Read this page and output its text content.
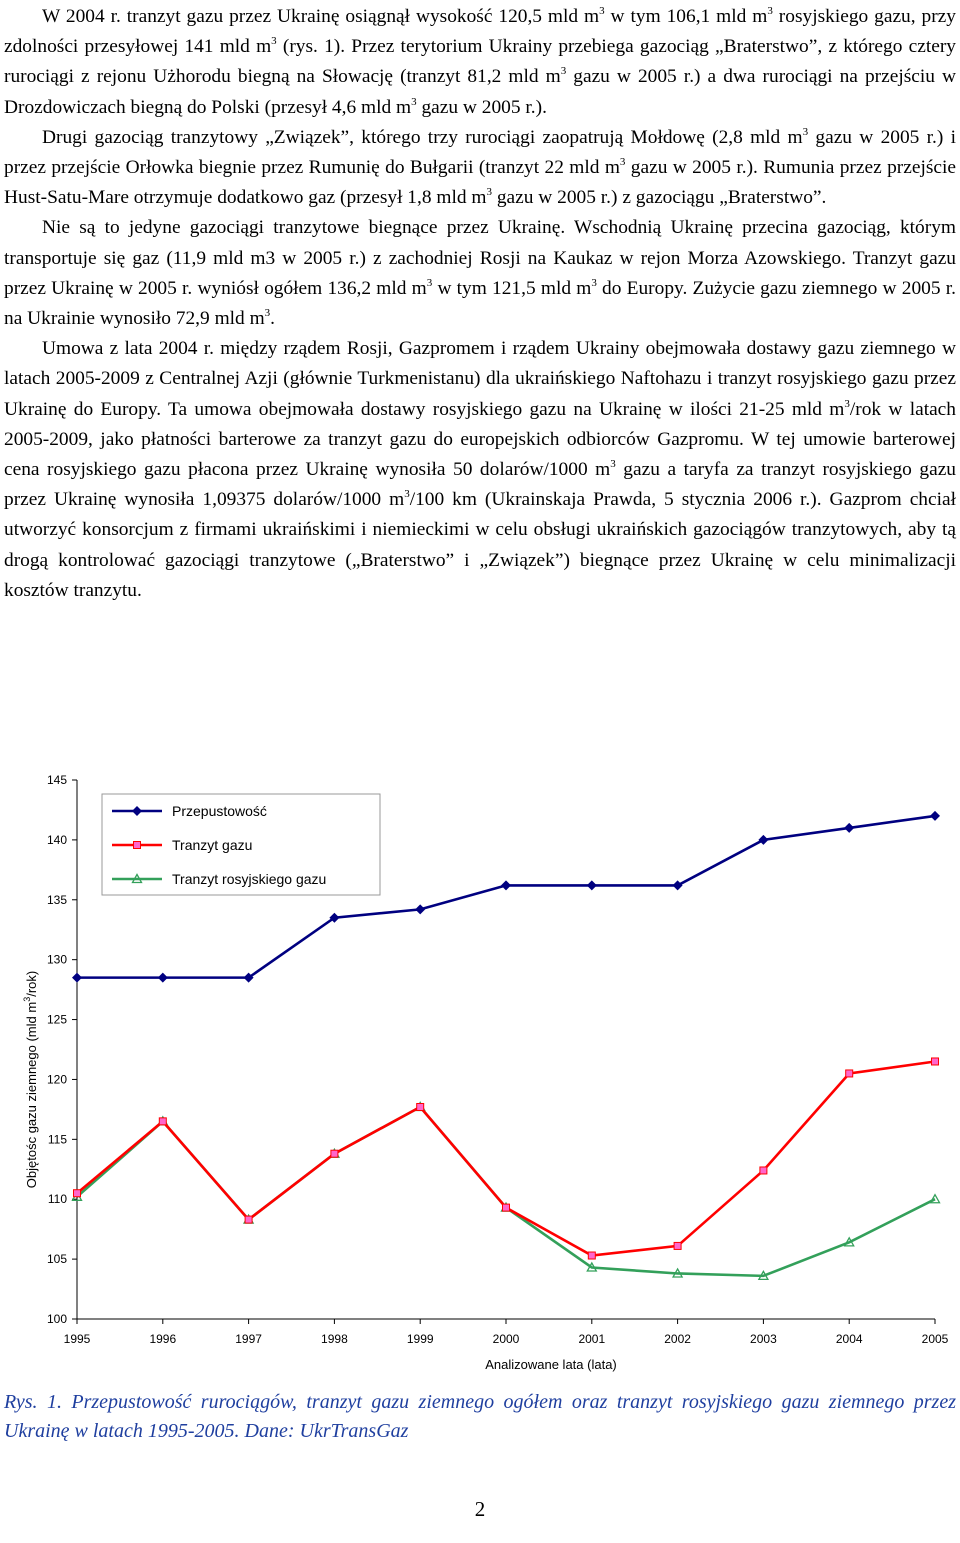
W 2004 r. tranzyt gazu przez Ukrainę osiągnął wysokość 120,5 mld $m^3$ w tym 106,1 mld $m^3$ rosyjskiego gazu, przy zdolności przesyłowej 141 mld $m^3$ (rys. 1). Przez terytorium Ukrainy przebiega gazociąg „Braterstwo”, z którego cztery rurociągi z rejonu Użhorodu biegną na Słowację (tranzyt 81,2 mld $m^3$ gazu w 2005 r.) a dwa rurociągi na przejściu w Drozdowiczach biegną do Polski (przesył 4,6 mld $m^3$ gazu w 2005 r.).

Drugi gazociąg tranzytowy „Związek”, którego trzy rurociągi zaopatrują Mołdowę (2,8 mld $m^3$ gazu w 2005 r.) i przez przejście Orłowka biegnie przez Rumunię do Bułgarii (tranzyt 22 mld $m^3$ gazu w 2005 r.). Rumunia przez przejście Hust-Satu-Mare otrzymuje dodatkowo gaz (przesył 1,8 mld $m^3$ gazu w 2005 r.) z gazociągu „Braterstwo”.

Nie są to jedyne gazociągi tranzytowe biegnące przez Ukrainę. Wschodnią Ukrainę przecina gazociąg, którym transportuje się gaz (11,9 mld m3 w 2005 r.) z zachodniej Rosji na Kaukaz w rejon Morza Azowskiego. Tranzyt gazu przez Ukrainę w 2005 r. wyniósł ogółem 136,2 mld $m^3$ w tym 121,5 mld $m^3$ do Europy. Zużycie gazu ziemnego w 2005 r. na Ukrainie wynosiło 72,9 mld $m^3$.

Umowa z lata 2004 r. między rządem Rosji, Gazpromem i rządem Ukrainy obejmowała dostawy gazu ziemnego w latach 2005-2009 z Centralnej Azji (głównie Turkmenistanu) dla ukraińskiego Naftohazu i tranzyt rosyjskiego gazu przez Ukrainę do Europy. Ta umowa obejmowała dostawy rosyjskiego gazu na Ukrainę w ilości 21-25 mld $m^3$/rok w latach 2005-2009, jako płatności barterowe za tranzyt gazu do europejskich odbiorców Gazpromu. W tej umowie barterowej cena rosyjskiego gazu płacona przez Ukrainę wynosiła 50 dolarów/1000 $m^3$ gazu a taryfa za tranzyt rosyjskiego gazu przez Ukrainę wynosiła 1,09375 dolarów/1000 $m^3/100$ km (Ukrainskaja Prawda, 5 stycznia 2006 r.). Gazprom chciał utworzyć konsorcjum z firmami ukraińskimi i niemieckimi w celu obsługi ukraińskich gazociągów tranzytowych, aby tą drogą kontrolować gazociągi tranzytowe („Braterstwo” i „Związek”) biegnące przez Ukrainę w celu minimalizacji kosztów tranzytu.

100
105
110
115
120
125
130
135
140
145
1995	1996	1997	1998	1999	2000	2001	2002	2003	2004	2005
Analizowane lata (lata)
Objętośc gazu ziemnego (mld $m^3/rok$)
Przepustowość
Tranzyt gazu
Tranzyt rosyjskiego gazu
Rys. 1. Przepustowość rurociągów, tranzyt gazu ziemnego ogółem oraz tranzyt rosyjskiego gazu ziemnego przez Ukrainę w latach 1995-2005. Dane: UkrTransGaz
2
